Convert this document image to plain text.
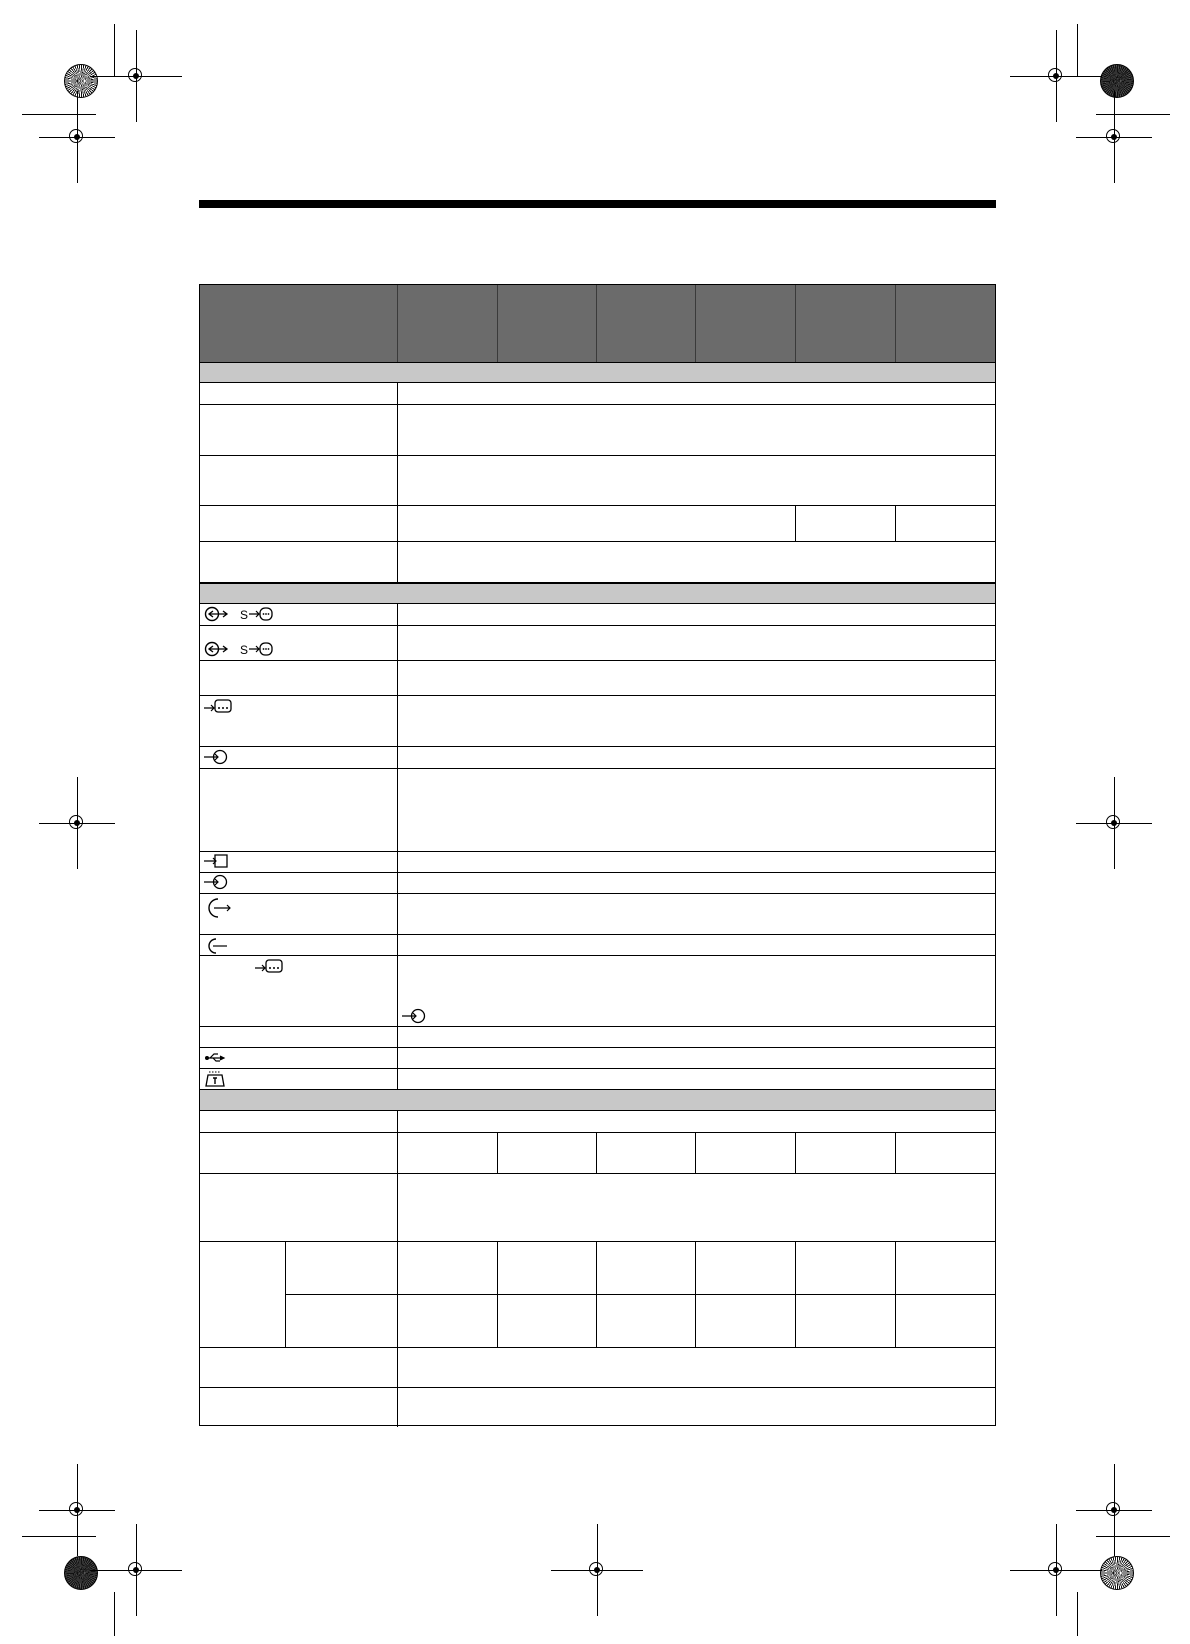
S
S
